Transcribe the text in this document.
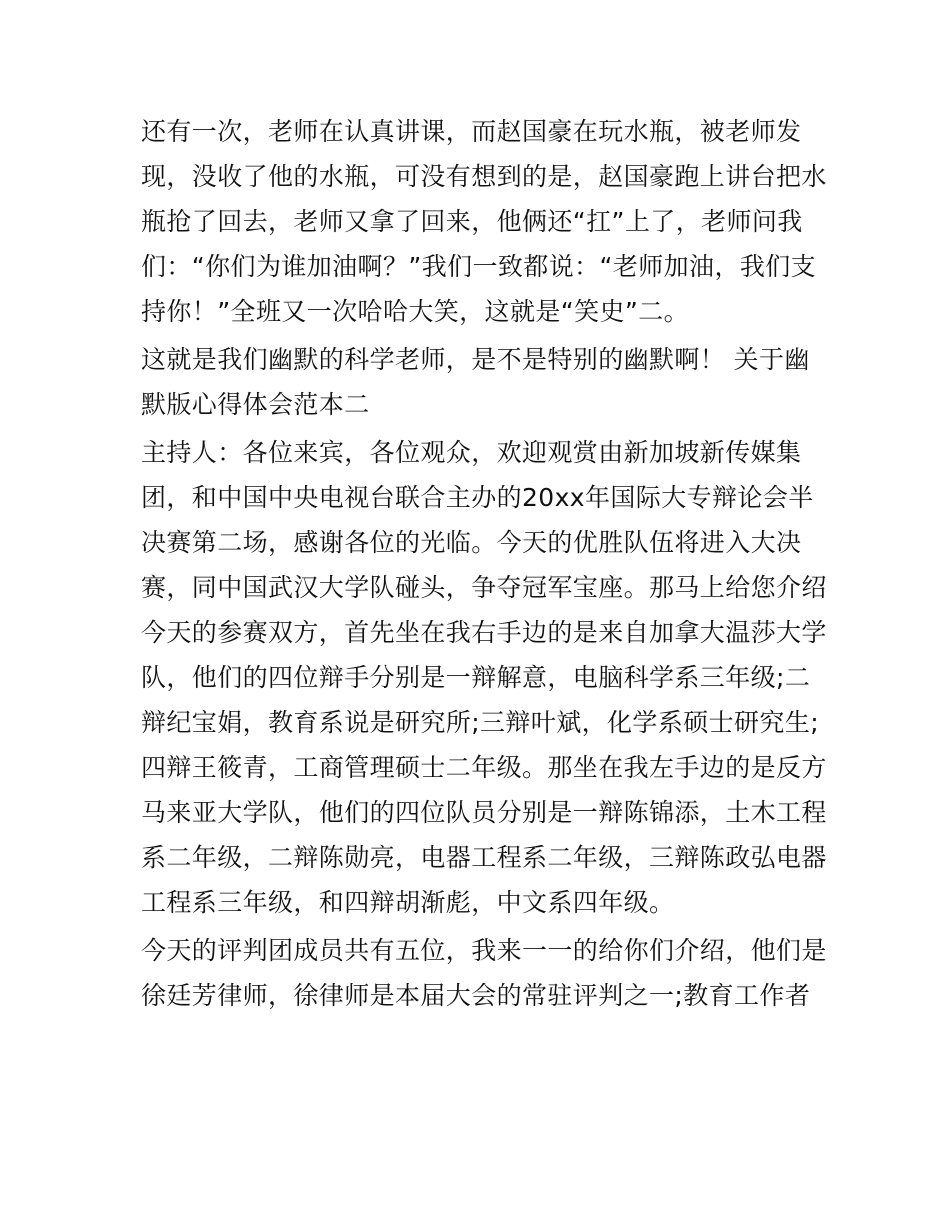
还有一次，老师在认真讲课，而赵国豪在玩水瓶，被老师发
现，没收了他的水瓶，可没有想到的是，赵国豪跑上讲台把水
瓶抢了回去，老师又拿了回来，他俩还“扛”上了，老师问我
们：“你们为谁加油啊？”我们一致都说：“老师加油，我们支
持你！”全班又一次哈哈大笑，这就是“笑史”二。
这就是我们幽默的科学老师，是不是特别的幽默啊！ 关于幽
默版心得体会范本二
主持人：各位来宾，各位观众，欢迎观赏由新加坡新传媒集
团，和中国中央电视台联合主办的20xx年国际大专辩论会半
决赛第二场，感谢各位的光临。今天的优胜队伍将进入大决
赛，同中国武汉大学队碰头，争夺冠军宝座。那马上给您介绍
今天的参赛双方，首先坐在我右手边的是来自加拿大温莎大学
队，他们的四位辩手分别是一辩解意，电脑科学系三年级;二
辩纪宝娟，教育系说是研究所;三辩叶斌，化学系硕士研究生;
四辩王筱青，工商管理硕士二年级。那坐在我左手边的是反方
马来亚大学队，他们的四位队员分别是一辩陈锦添，土木工程
系二年级，二辩陈勋亮，电器工程系二年级，三辩陈政弘电器
工程系三年级，和四辩胡渐彪，中文系四年级。
今天的评判团成员共有五位，我来一一的给你们介绍，他们是
徐廷芳律师，徐律师是本届大会的常驻评判之一;教育工作者
